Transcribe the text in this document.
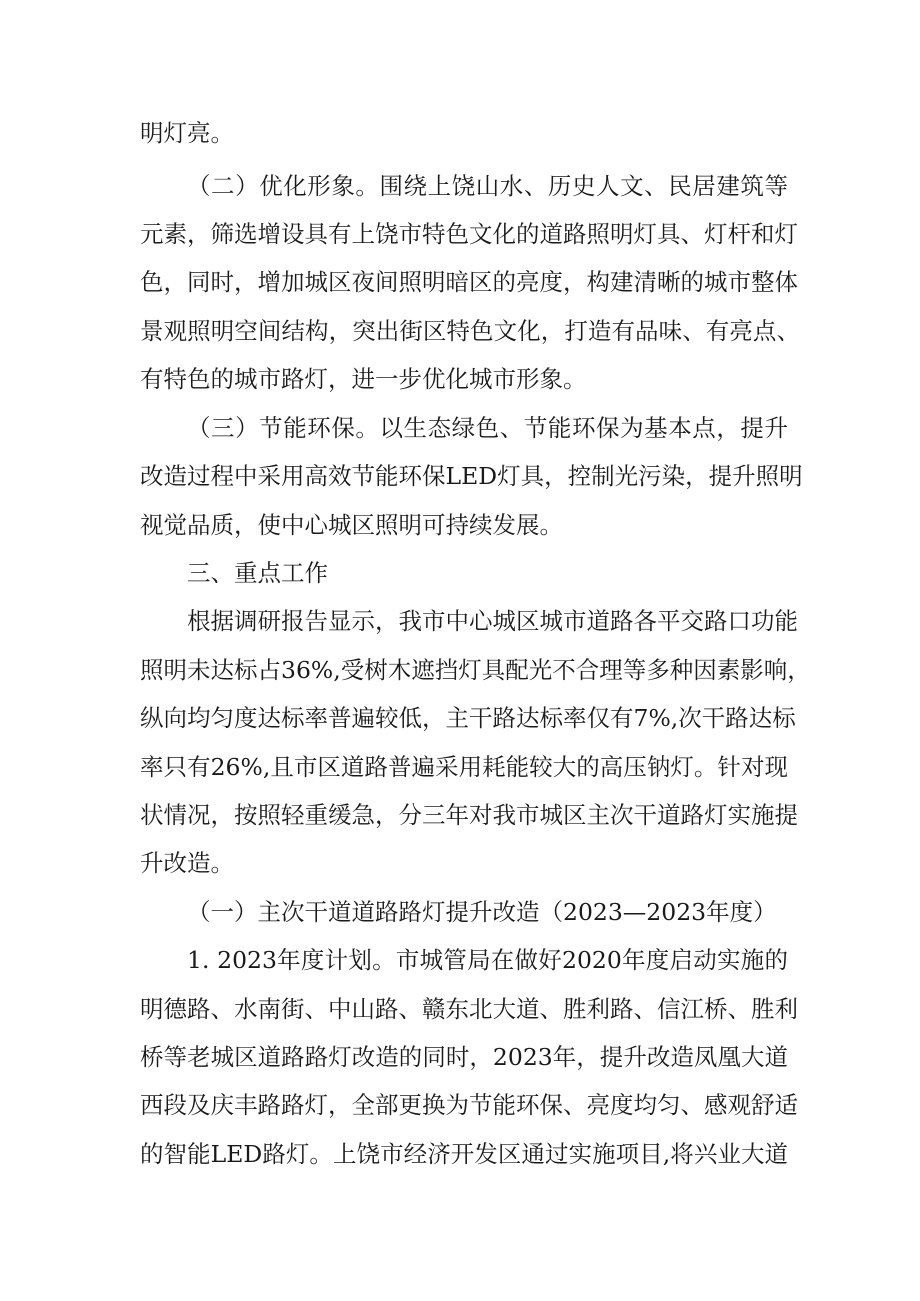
明灯亮。
（二）优化形象。围绕上饶山水、历史人文、民居建筑等
元素，筛选增设具有上饶市特色文化的道路照明灯具、灯杆和灯
色，同时，增加城区夜间照明暗区的亮度，构建清晰的城市整体
景观照明空间结构，突出街区特色文化，打造有品味、有亮点、
有特色的城市路灯，进一步优化城市形象。
（三）节能环保。以生态绿色、节能环保为基本点，提升
改造过程中采用高效节能环保LED灯具，控制光污染，提升照明
视觉品质，使中心城区照明可持续发展。
三、重点工作
根据调研报告显示，我市中心城区城市道路各平交路口功能
照明未达标占36%,受树木遮挡灯具配光不合理等多种因素影响，
纵向均匀度达标率普遍较低，主干路达标率仅有7%,次干路达标
率只有26%,且市区道路普遍采用耗能较大的高压钠灯。针对现
状情况，按照轻重缓急，分三年对我市城区主次干道路灯实施提
升改造。
（一）主次干道道路路灯提升改造（2023—2023年度）
1. 2023年度计划。市城管局在做好2020年度启动实施的
明德路、水南街、中山路、赣东北大道、胜利路、信江桥、胜利
桥等老城区道路路灯改造的同时，2023年，提升改造凤凰大道
西段及庆丰路路灯，全部更换为节能环保、亮度均匀、感观舒适
的智能LED路灯。上饶市经济开发区通过实施项目,将兴业大道
